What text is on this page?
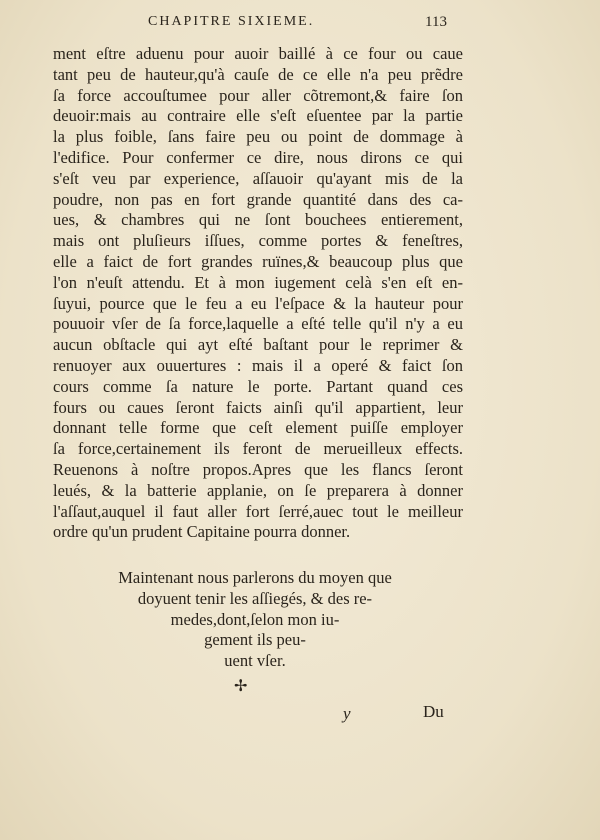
CHAPITRE SIXIEME.	113
ment eſtre aduenu pour auoir baillé à ce four ou caue
tant peu de hauteur,qu'à cauſe de ce elle n'a peu prẽdre
ſa force accouſtumee pour aller cõtremont,& faire ſon
deuoir:mais au contraire elle s'eſt eſuentee par la partie
la plus foible, ſans faire peu ou point de dommage à
l'edifice. Pour confermer ce dire, nous dirons ce qui
s'eſt veu par experience, aſſauoir qu'ayant mis de la
poudre, non pas en fort grande quantité dans des ca-
ues, & chambres qui ne ſont bouchees entierement,
mais ont pluſieurs iſſues, comme portes & feneſtres,
elle a faict de fort grandes ruïnes,& beaucoup plus que
l'on n'euſt attendu. Et à mon iugement celà s'en eſt en-
ſuyui, pource que le feu a eu l'eſpace & la hauteur pour
pouuoir vſer de ſa force,laquelle a eſté telle qu'il n'y a eu
aucun obſtacle qui ayt eſté baſtant pour le reprimer &
renuoyer aux ouuertures : mais il a operé & faict ſon
cours comme ſa nature le porte. Partant quand ces
fours ou caues ſeront faicts ainſi qu'il appartient, leur
donnant telle forme que ceſt element puiſſe employer
ſa force,certainement ils feront de merueilleux effects.
Reuenons à noſtre propos.Apres que les flancs ſeront
leués, & la batterie applanie, on ſe preparera à donner
l'aſſaut,auquel il faut aller fort ſerré,auec tout le meilleur
ordre qu'un prudent Capitaine pourra donner.
Maintenant nous parlerons du moyen que
doyuent tenir les aſſiegés, & des re-
medes,dont,ſelon mon iu-
gement ils peu-
uent vſer.
✢
y	Du
